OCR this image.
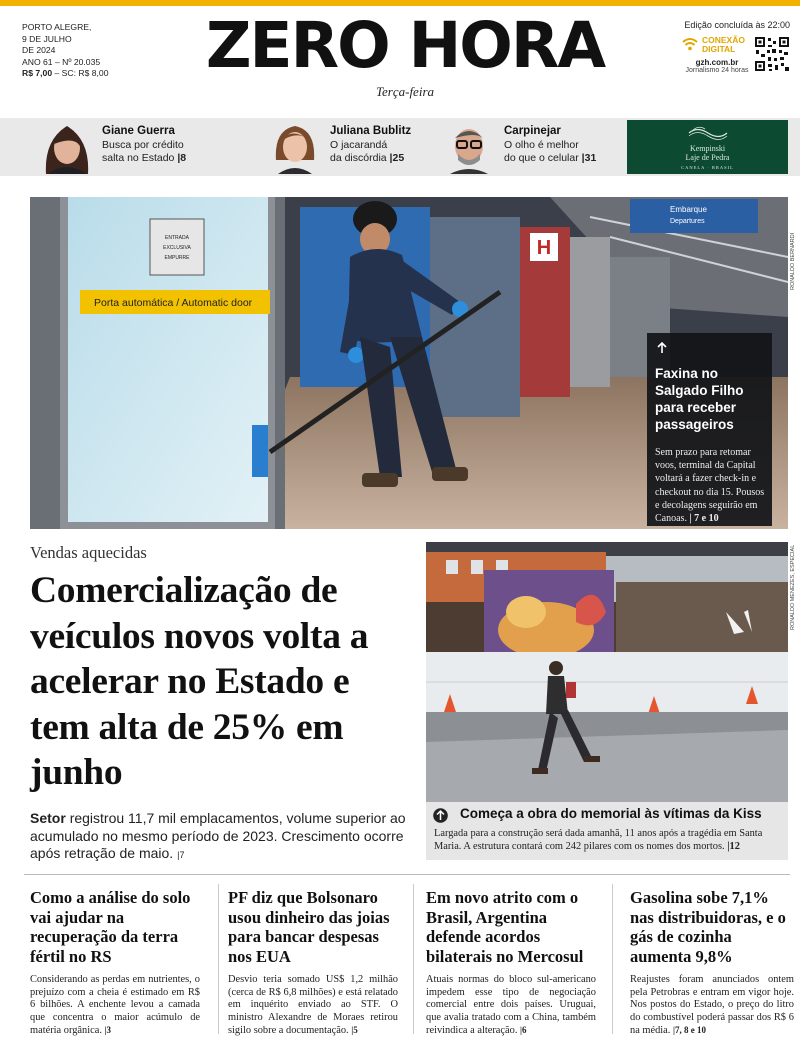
PORTO ALEGRE,
9 DE JULHO
DE 2024
ANO 61 – Nº 20.035
R$ 7,00 – SC: R$ 8,00	ZERO HORA
Terça-feira
Edição concluída às 22:00
CONEXÃO
DIGITAL
gzh.com.br
Jornalismo 24 horas
Giane Guerra
Busca por crédito
salta no Estado |8
Juliana Bublitz
O jacarandá
da discórdia |25
Carpinejar
O olho é melhor
do que o celular |31
Kempinski
Laje de Pedra
CANELA · BRASIL
H
Embarque
Departures
ENTRADA
EXCLUSIVA
EMPURRE
Porta automática / Automatic door
RONALDO BERNARDI
Faxina no Salgado Filho para receber passageiros
Sem prazo para retomar voos, terminal da Capital voltará a fazer check-in e checkout no dia 15. Pousos e decolagens seguirão em Canoas. | 7 e 10
Vendas aquecidas
Comercialização de veículos novos volta a acelerar no Estado e tem alta de 25% em junho
Setor registrou 11,7 mil emplacamentos, volume superior ao acumulado no mesmo período de 2023. Crescimento ocorre após retração de maio. |7
RONALDO MENEZES, ESPECIAL
Começa a obra do memorial às vítimas da Kiss
Largada para a construção será dada amanhã, 11 anos após a tragédia em Santa Maria. A estrutura contará com 242 pilares com os nomes dos mortos. |12
Como a análise do solo vai ajudar na recuperação da terra fértil no RS
Considerando as perdas em nutrientes, o prejuízo com a cheia é estimado em R$ 6 bilhões. A enchente levou a camada que concentra o maior acúmulo de matéria orgânica. |3
PF diz que Bolsonaro usou dinheiro das joias para bancar despesas nos EUA
Desvio teria somado US$ 1,2 milhão (cerca de R$ 6,8 milhões) e está relatado em inquérito enviado ao STF. O ministro Alexandre de Moraes retirou sigilo sobre a documentação. |5
Em novo atrito com o Brasil, Argentina defende acordos bilaterais no Mercosul
Atuais normas do bloco sul-americano impedem esse tipo de negociação comercial entre dois países. Uruguai, que avalia tratado com a China, também reivindica a alteração. |6
Gasolina sobe 7,1% nas distribuidoras, e o gás de cozinha aumenta 9,8%
Reajustes foram anunciados ontem pela Petrobras e entram em vigor hoje. Nos postos do Estado, o preço do litro do combustível poderá passar dos R$ 6 na média. |7, 8 e 10
